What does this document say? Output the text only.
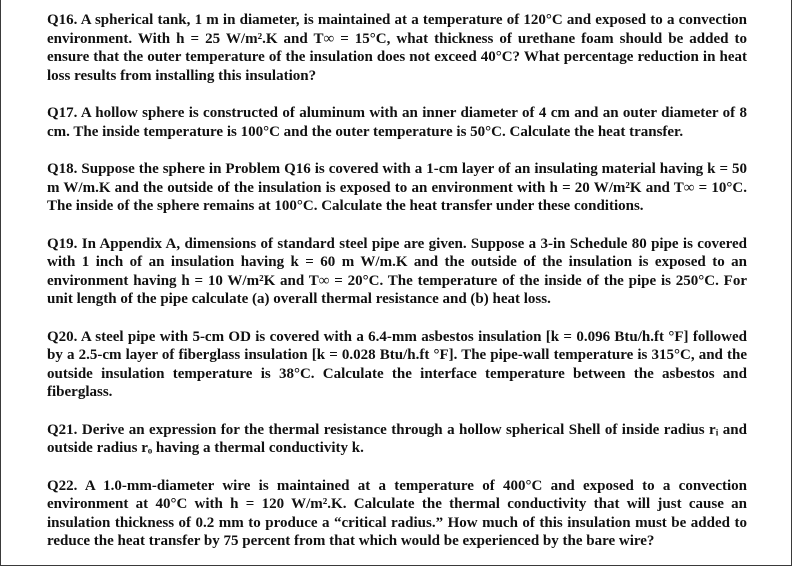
Q16. A spherical tank, 1 m in diameter, is maintained at a temperature of 120°C and exposed to a convection environment. With h = 25 W/m².K and T∞ = 15°C, what thickness of urethane foam should be added to ensure that the outer temperature of the insulation does not exceed 40°C? What percentage reduction in heat loss results from installing this insulation?

Q17. A hollow sphere is constructed of aluminum with an inner diameter of 4 cm and an outer diameter of 8 cm. The inside temperature is 100°C and the outer temperature is 50°C. Calculate the heat transfer.

Q18. Suppose the sphere in Problem Q16 is covered with a 1-cm layer of an insulating material having k = 50 m W/m.K and the outside of the insulation is exposed to an environment with h = 20 W/m²K and T∞ = 10°C. The inside of the sphere remains at 100°C. Calculate the heat transfer under these conditions.

Q19. In Appendix A, dimensions of standard steel pipe are given. Suppose a 3-in Schedule 80 pipe is covered with 1 inch of an insulation having k = 60 m W/m.K and the outside of the insulation is exposed to an environment having h = 10 W/m²K and T∞ = 20°C. The temperature of the inside of the pipe is 250°C. For unit length of the pipe calculate (a) overall thermal resistance and (b) heat loss.

Q20. A steel pipe with 5-cm OD is covered with a 6.4-mm asbestos insulation [k = 0.096 Btu/h.ft °F] followed by a 2.5-cm layer of fiberglass insulation [k = 0.028 Btu/h.ft °F]. The pipe-wall temperature is 315°C, and the outside insulation temperature is 38°C. Calculate the interface temperature between the asbestos and fiberglass.

Q21. Derive an expression for the thermal resistance through a hollow spherical Shell of inside radius rᵢ and outside radius rₒ having a thermal conductivity k.

Q22. A 1.0-mm-diameter wire is maintained at a temperature of 400°C and exposed to a convection environment at 40°C with h = 120 W/m².K. Calculate the thermal conductivity that will just cause an insulation thickness of 0.2 mm to produce a “critical radius.” How much of this insulation must be added to reduce the heat transfer by 75 percent from that which would be experienced by the bare wire?
